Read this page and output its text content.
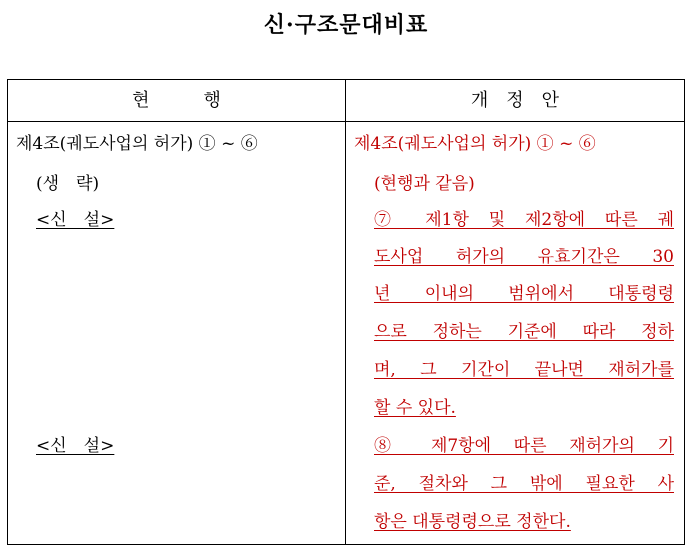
신·구조문대비표
현　　　행	개　정　안
제4조(궤도사업의 허가) ① ~ ⑥
(생　략)
<신　설>
<신　설>
제4조(궤도사업의 허가) ① ~ ⑥
(현행과 같음)
⑦ 제1항 및 제2항에 따른 궤
도사업 허가의 유효기간은 30
년 이내의 범위에서 대통령령
으로 정하는 기준에 따라 정하
며, 그 기간이 끝나면 재허가를
할 수 있다.
⑧ 제7항에 따른 재허가의 기
준, 절차와 그 밖에 필요한 사
항은 대통령령으로 정한다.
